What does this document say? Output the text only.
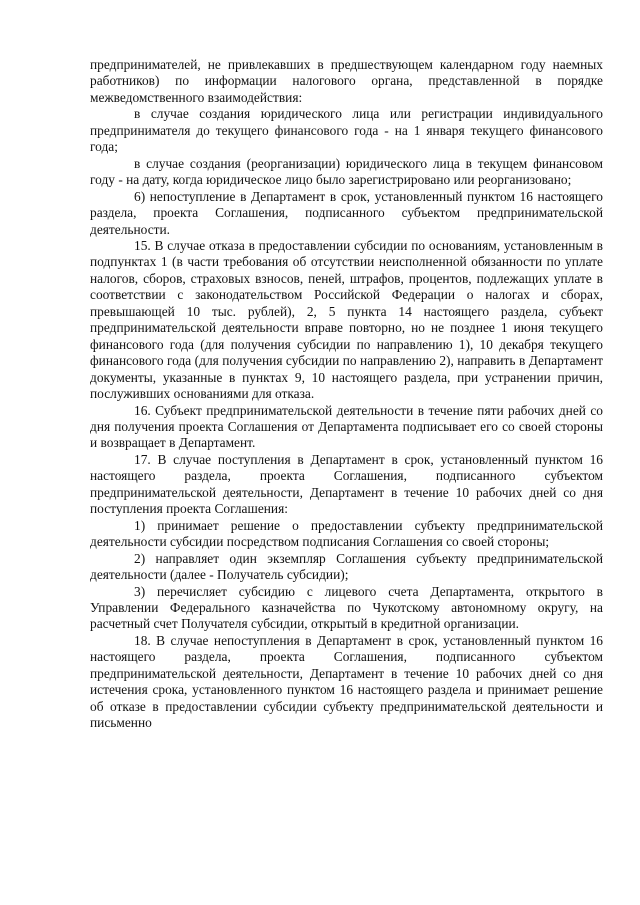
предпринимателей, не привлекавших в предшествующем календарном году наемных работников) по информации налогового органа, представленной в порядке межведомственного взаимодействия:

в случае создания юридического лица или регистрации индивидуального предпринимателя до текущего финансового года - на 1 января текущего финансового года;

в случае создания (реорганизации) юридического лица в текущем финансовом году - на дату, когда юридическое лицо было зарегистрировано или реорганизовано;

6) непоступление в Департамент в срок, установленный пунктом 16 настоящего раздела, проекта Соглашения, подписанного субъектом предпринимательской деятельности.

15. В случае отказа в предоставлении субсидии по основаниям, установленным в подпунктах 1 (в части требования об отсутствии неисполненной обязанности по уплате налогов, сборов, страховых взносов, пеней, штрафов, процентов, подлежащих уплате в соответствии с законодательством Российской Федерации о налогах и сборах, превышающей 10 тыс. рублей), 2, 5 пункта 14 настоящего раздела, субъект предпринимательской деятельности вправе повторно, но не позднее 1 июня текущего финансового года (для получения субсидии по направлению 1), 10 декабря текущего финансового года (для получения субсидии по направлению 2), направить в Департамент документы, указанные в пунктах 9, 10 настоящего раздела, при устранении причин, послуживших основаниями для отказа.

16. Субъект предпринимательской деятельности в течение пяти рабочих дней со дня получения проекта Соглашения от Департамента подписывает его со своей стороны и возвращает в Департамент.

17. В случае поступления в Департамент в срок, установленный пунктом 16 настоящего раздела, проекта Соглашения, подписанного субъектом предпринимательской деятельности, Департамент в течение 10 рабочих дней со дня поступления проекта Соглашения:

1) принимает решение о предоставлении субъекту предпринимательской деятельности субсидии посредством подписания Соглашения со своей стороны;

2) направляет один экземпляр Соглашения субъекту предпринимательской деятельности (далее - Получатель субсидии);

3) перечисляет субсидию с лицевого счета Департамента, открытого в Управлении Федерального казначейства по Чукотскому автономному округу, на расчетный счет Получателя субсидии, открытый в кредитной организации.

18. В случае непоступления в Департамент в срок, установленный пунктом 16 настоящего раздела, проекта Соглашения, подписанного субъектом предпринимательской деятельности, Департамент в течение 10 рабочих дней со дня истечения срока, установленного пунктом 16 настоящего раздела и принимает решение об отказе в предоставлении субсидии субъекту предпринимательской деятельности и письменно
